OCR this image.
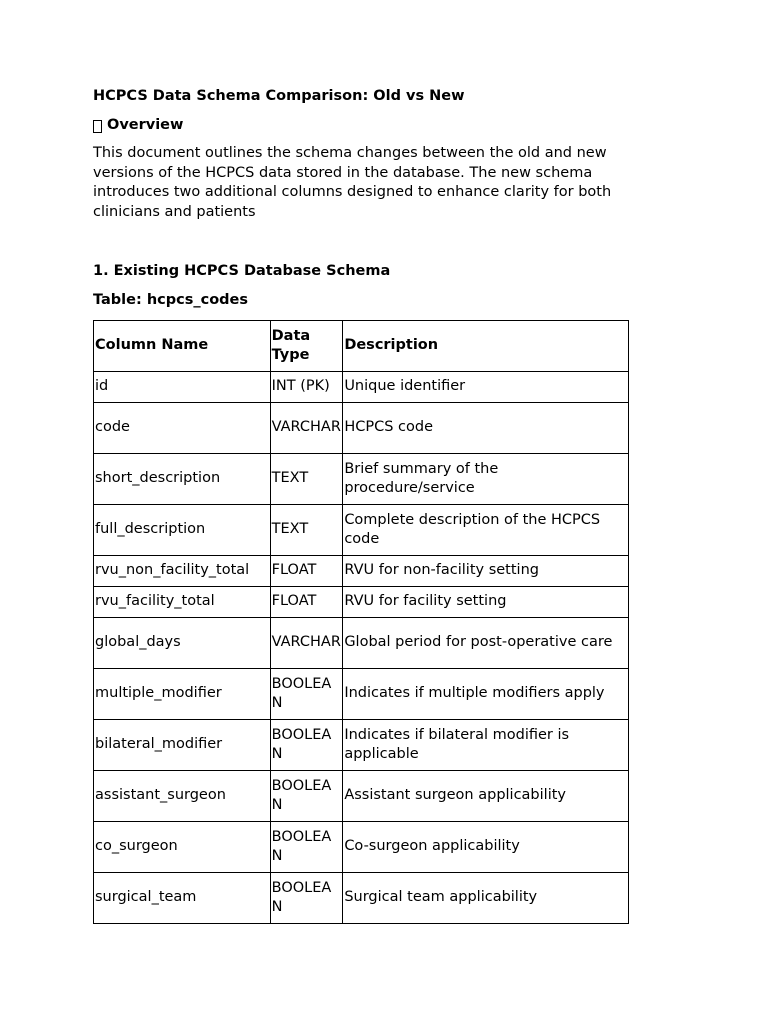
HCPCS Data Schema Comparison: Old vs New
Overview

This document outlines the schema changes between the old and new versions of the HCPCS data stored in the database. The new schema introduces two additional columns designed to enhance clarity for both clinicians and patients

1. Existing HCPCS Database Schema
Table: hcpcs_codes
Column Name	Data Type	Description
id	INT (PK)	Unique identifier
code	VARCHAR	HCPCS code
short_description	TEXT	Brief summary of the procedure/service
full_description	TEXT	Complete description of the HCPCS code
rvu_non_facility_total	FLOAT	RVU for non-facility setting
rvu_facility_total	FLOAT	RVU for facility setting
global_days	VARCHAR	Global period for post-operative care
multiple_modifier	BOOLEAN	Indicates if multiple modifiers apply
bilateral_modifier	BOOLEAN	Indicates if bilateral modifier is applicable
assistant_surgeon	BOOLEAN	Assistant surgeon applicability
co_surgeon	BOOLEAN	Co-surgeon applicability
surgical_team	BOOLEAN	Surgical team applicability
